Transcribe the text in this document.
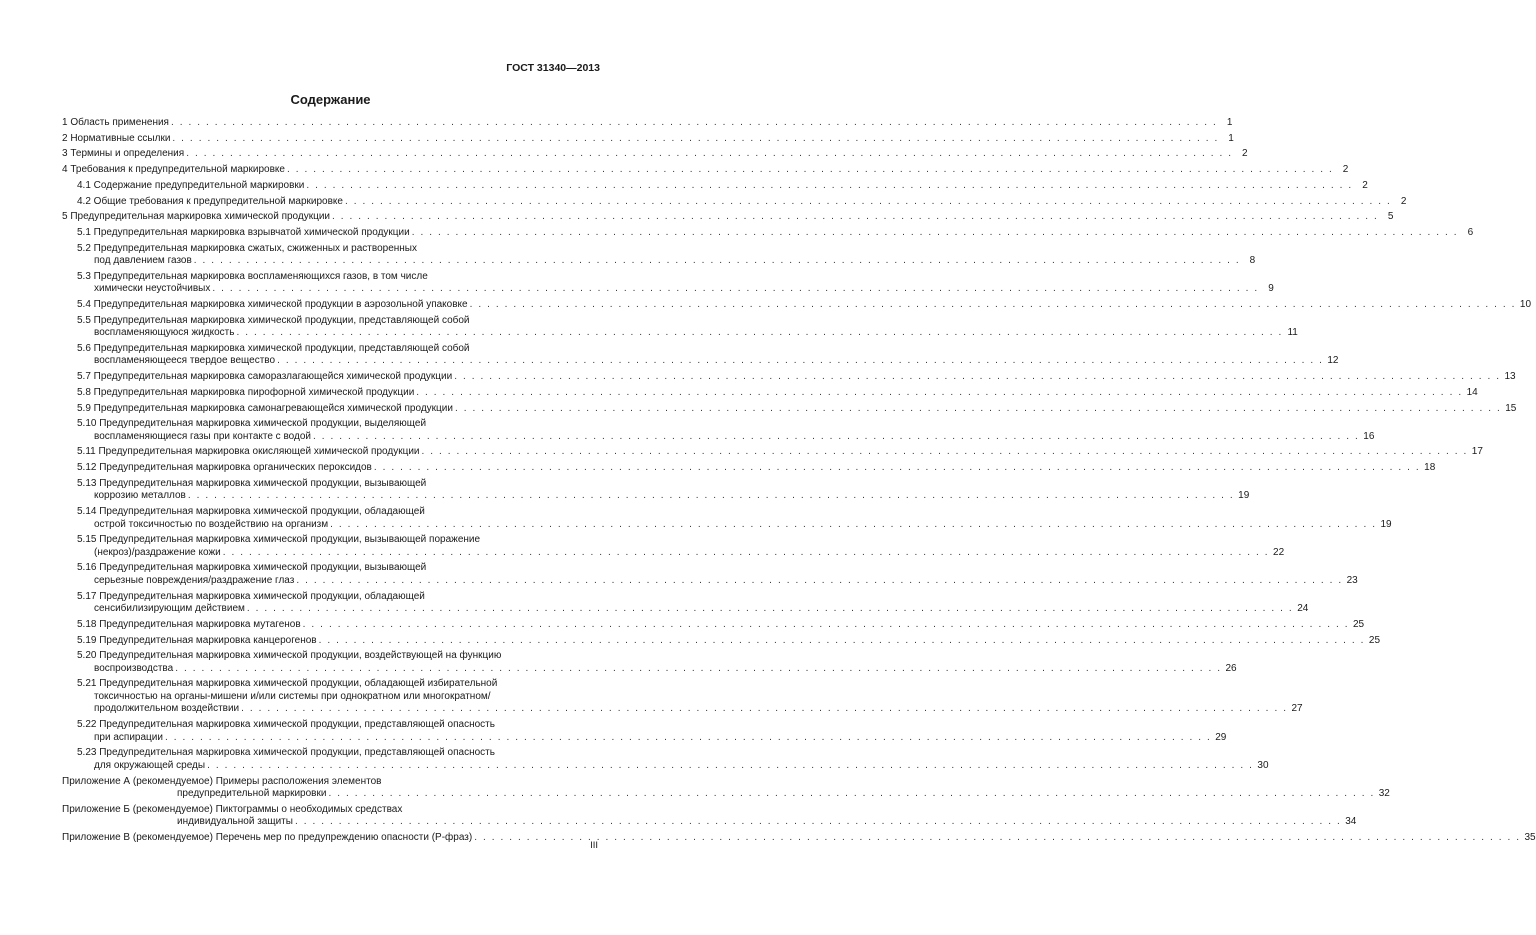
ГОСТ 31340—2013
Содержание
1 Область применения . . . . . . . . . . . . . . . . . . . . . . . . . . . . . . . . . . . . . . . . . . . . . . . . . . . . . . . . . . . . . . . . . . . . . . . . . . . . . . . . . . . . . . . . . . . . . . . . . . . . . . . . . . . . . . . . . . . . . . . . 1
2 Нормативные ссылки . . . . . . . . . . . . . . . . . . . . . . . . . . . . . . . . . . . . . . . . . . . . . . . . . . . . . . . . . . . . . . . . . . . . . . . . . . . . . . . . . . . . . . . . . . . . . . . . . . . . . . . . . . . . . . . . . . . . . . . . 1
3 Термины и определения . . . . . . . . . . . . . . . . . . . . . . . . . . . . . . . . . . . . . . . . . . . . . . . . . . . . . . . . . . . . . . . . . . . . . . . . . . . . . . . . . . . . . . . . . . . . . . . . . . . . . . . . . . . . . . . . . . . . . . . . 2
4 Требования к предупредительной маркировке . . . . . . . . . . . . . . . . . . . . . . . . . . . . . . . . . . . . . . . . . . . . . . . . . . . . . . . . . . . . . . . . . . . . . . . . . . . . . . . . . . . . . . . . . . . . . . . . . . . . . . . . . . . . . . . . . . . . . . . . 2
4.1 Содержание предупредительной маркировки . . . . . . . . . . . . . . . . . . . . . . . . . . . . . . . . . . . . . . . . . . . . . . . . . . . . . . . . . . . . . . . . . . . . . . . . . . . . . . . . . . . . . . . . . . . . . . . . . . . . . . . . . . . . . . . . . . . . . . . . 2
4.2 Общие требования к предупредительной маркировке . . . . . . . . . . . . . . . . . . . . . . . . . . . . . . . . . . . . . . . . . . . . . . . . . . . . . . . . . . . . . . . . . . . . . . . . . . . . . . . . . . . . . . . . . . . . . . . . . . . . . . . . . . . . . . . . . . . . . . . . 2
5 Предупредительная маркировка химической продукции . . . . . . . . . . . . . . . . . . . . . . . . . . . . . . . . . . . . . . . . . . . . . . . . . . . . . . . . . . . . . . . . . . . . . . . . . . . . . . . . . . . . . . . . . . . . . . . . . . . . . . . . . . . . . . . . . . . . . . . . 5
5.1 Предупредительная маркировка взрывчатой химической продукции . . . . . . . . . . . . . . . . . . . . . . . . . . . . . . . . . . . . . . . . . . . . . . . . . . . . . . . . . . . . . . . . . . . . . . . . . . . . . . . . . . . . . . . . . . . . . . . . . . . . . . . . . . . . . . . . . . . . . . . . 6
5.2 Предупредительная маркировка сжатых, сжиженных и растворенных
под давлением газов . . . . . . . . . . . . . . . . . . . . . . . . . . . . . . . . . . . . . . . . . . . . . . . . . . . . . . . . . . . . . . . . . . . . . . . . . . . . . . . . . . . . . . . . . . . . . . . . . . . . . . . . . . . . . . . . . . . . . . . . 8
5.3 Предупредительная маркировка воспламеняющихся газов, в том числе
химически неустойчивых . . . . . . . . . . . . . . . . . . . . . . . . . . . . . . . . . . . . . . . . . . . . . . . . . . . . . . . . . . . . . . . . . . . . . . . . . . . . . . . . . . . . . . . . . . . . . . . . . . . . . . . . . . . . . . . . . . . . . . . . 9
5.4 Предупредительная маркировка химической продукции в аэрозольной упаковке . . . . . . . . . . . . . . . . . . . . . . . . . . . . . . . . . . . . . . . . . . . . . . . . . . . . . . . . . . . . . . . . . . . . . . . . . . . . . . . . . . . . . . . . . . . . . . . . . . . . . . . . . . . . . . . . . . . . . . . . 10
5.5 Предупредительная маркировка химической продукции, представляющей собой
воспламеняющуюся жидкость . . . . . . . . . . . . . . . . . . . . . . . . . . . . . . . . . . . . . . . . . . . . . . . . . . . . . . . . . . . . . . . . . . . . . . . . . . . . . . . . . . . . . . . . . . . . . . . . . . . . . . . . . . . . . . . . . . . . . . . . 11
5.6 Предупредительная маркировка химической продукции, представляющей собой
воспламеняющееся твердое вещество . . . . . . . . . . . . . . . . . . . . . . . . . . . . . . . . . . . . . . . . . . . . . . . . . . . . . . . . . . . . . . . . . . . . . . . . . . . . . . . . . . . . . . . . . . . . . . . . . . . . . . . . . . . . . . . . . . . . . . . . 12
5.7 Предупредительная маркировка саморазлагающейся химической продукции . . . . . . . . . . . . . . . . . . . . . . . . . . . . . . . . . . . . . . . . . . . . . . . . . . . . . . . . . . . . . . . . . . . . . . . . . . . . . . . . . . . . . . . . . . . . . . . . . . . . . . . . . . . . . . . . . . . . . . . . 13
5.8 Предупредительная маркировка пирофорной химической продукции . . . . . . . . . . . . . . . . . . . . . . . . . . . . . . . . . . . . . . . . . . . . . . . . . . . . . . . . . . . . . . . . . . . . . . . . . . . . . . . . . . . . . . . . . . . . . . . . . . . . . . . . . . . . . . . . . . . . . . . . 14
5.9 Предупредительная маркировка самонагревающейся химической продукции . . . . . . . . . . . . . . . . . . . . . . . . . . . . . . . . . . . . . . . . . . . . . . . . . . . . . . . . . . . . . . . . . . . . . . . . . . . . . . . . . . . . . . . . . . . . . . . . . . . . . . . . . . . . . . . . . . . . . . . . 15
5.10 Предупредительная маркировка химической продукции, выделяющей
воспламеняющиеся газы при контакте с водой . . . . . . . . . . . . . . . . . . . . . . . . . . . . . . . . . . . . . . . . . . . . . . . . . . . . . . . . . . . . . . . . . . . . . . . . . . . . . . . . . . . . . . . . . . . . . . . . . . . . . . . . . . . . . . . . . . . . . . . . 16
5.11 Предупредительная маркировка окисляющей химической продукции . . . . . . . . . . . . . . . . . . . . . . . . . . . . . . . . . . . . . . . . . . . . . . . . . . . . . . . . . . . . . . . . . . . . . . . . . . . . . . . . . . . . . . . . . . . . . . . . . . . . . . . . . . . . . . . . . . . . . . . . 17
5.12 Предупредительная маркировка органических пероксидов . . . . . . . . . . . . . . . . . . . . . . . . . . . . . . . . . . . . . . . . . . . . . . . . . . . . . . . . . . . . . . . . . . . . . . . . . . . . . . . . . . . . . . . . . . . . . . . . . . . . . . . . . . . . . . . . . . . . . . . . 18
5.13 Предупредительная маркировка химической продукции, вызывающей
коррозию металлов . . . . . . . . . . . . . . . . . . . . . . . . . . . . . . . . . . . . . . . . . . . . . . . . . . . . . . . . . . . . . . . . . . . . . . . . . . . . . . . . . . . . . . . . . . . . . . . . . . . . . . . . . . . . . . . . . . . . . . . . 19
5.14 Предупредительная маркировка химической продукции, обладающей
острой токсичностью по воздействию на организм . . . . . . . . . . . . . . . . . . . . . . . . . . . . . . . . . . . . . . . . . . . . . . . . . . . . . . . . . . . . . . . . . . . . . . . . . . . . . . . . . . . . . . . . . . . . . . . . . . . . . . . . . . . . . . . . . . . . . . . . 19
5.15 Предупредительная маркировка химической продукции, вызывающей поражение
(некроз)/раздражение кожи . . . . . . . . . . . . . . . . . . . . . . . . . . . . . . . . . . . . . . . . . . . . . . . . . . . . . . . . . . . . . . . . . . . . . . . . . . . . . . . . . . . . . . . . . . . . . . . . . . . . . . . . . . . . . . . . . . . . . . . . 22
5.16 Предупредительная маркировка химической продукции, вызывающей
серьезные повреждения/раздражение глаз . . . . . . . . . . . . . . . . . . . . . . . . . . . . . . . . . . . . . . . . . . . . . . . . . . . . . . . . . . . . . . . . . . . . . . . . . . . . . . . . . . . . . . . . . . . . . . . . . . . . . . . . . . . . . . . . . . . . . . . . 23
5.17 Предупредительная маркировка химической продукции, обладающей
сенсибилизирующим действием . . . . . . . . . . . . . . . . . . . . . . . . . . . . . . . . . . . . . . . . . . . . . . . . . . . . . . . . . . . . . . . . . . . . . . . . . . . . . . . . . . . . . . . . . . . . . . . . . . . . . . . . . . . . . . . . . . . . . . . . 24
5.18 Предупредительная маркировка мутагенов . . . . . . . . . . . . . . . . . . . . . . . . . . . . . . . . . . . . . . . . . . . . . . . . . . . . . . . . . . . . . . . . . . . . . . . . . . . . . . . . . . . . . . . . . . . . . . . . . . . . . . . . . . . . . . . . . . . . . . . . 25
5.19 Предупредительная маркировка канцерогенов . . . . . . . . . . . . . . . . . . . . . . . . . . . . . . . . . . . . . . . . . . . . . . . . . . . . . . . . . . . . . . . . . . . . . . . . . . . . . . . . . . . . . . . . . . . . . . . . . . . . . . . . . . . . . . . . . . . . . . . . 25
5.20 Предупредительная маркировка химической продукции, воздействующей на функцию
воспроизводства . . . . . . . . . . . . . . . . . . . . . . . . . . . . . . . . . . . . . . . . . . . . . . . . . . . . . . . . . . . . . . . . . . . . . . . . . . . . . . . . . . . . . . . . . . . . . . . . . . . . . . . . . . . . . . . . . . . . . . . . 26
5.21 Предупредительная маркировка химической продукции, обладающей избирательной
токсичностью на органы-мишени и/или системы при однократном или многократном/
продолжительном воздействии . . . . . . . . . . . . . . . . . . . . . . . . . . . . . . . . . . . . . . . . . . . . . . . . . . . . . . . . . . . . . . . . . . . . . . . . . . . . . . . . . . . . . . . . . . . . . . . . . . . . . . . . . . . . . . . . . . . . . . . . 27
5.22 Предупредительная маркировка химической продукции, представляющей опасность
при аспирации . . . . . . . . . . . . . . . . . . . . . . . . . . . . . . . . . . . . . . . . . . . . . . . . . . . . . . . . . . . . . . . . . . . . . . . . . . . . . . . . . . . . . . . . . . . . . . . . . . . . . . . . . . . . . . . . . . . . . . . . 29
5.23 Предупредительная маркировка химической продукции, представляющей опасность
для окружающей среды . . . . . . . . . . . . . . . . . . . . . . . . . . . . . . . . . . . . . . . . . . . . . . . . . . . . . . . . . . . . . . . . . . . . . . . . . . . . . . . . . . . . . . . . . . . . . . . . . . . . . . . . . . . . . . . . . . . . . . . . 30
Приложение А (рекомендуемое) Примеры расположения элементов
предупредительной маркировки . . . . . . . . . . . . . . . . . . . . . . . . . . . . . . . . . . . . . . . . . . . . . . . . . . . . . . . . . . . . . . . . . . . . . . . . . . . . . . . . . . . . . . . . . . . . . . . . . . . . . . . . . . . . . . . . . . . . . . . . 32
Приложение Б (рекомендуемое) Пиктограммы о необходимых средствах
индивидуальной защиты . . . . . . . . . . . . . . . . . . . . . . . . . . . . . . . . . . . . . . . . . . . . . . . . . . . . . . . . . . . . . . . . . . . . . . . . . . . . . . . . . . . . . . . . . . . . . . . . . . . . . . . . . . . . . . . . . . . . . . . . 34
Приложение В (рекомендуемое) Перечень мер по предупреждению опасности (Р-фраз) . . . . . . . . . . . . . . . . . . . . . . . . . . . . . . . . . . . . . . . . . . . . . . . . . . . . . . . . . . . . . . . . . . . . . . . . . . . . . . . . . . . . . . . . . . . . . . . . . . . . . . . . . . . . . . . . . . . . . . . . 35
III
